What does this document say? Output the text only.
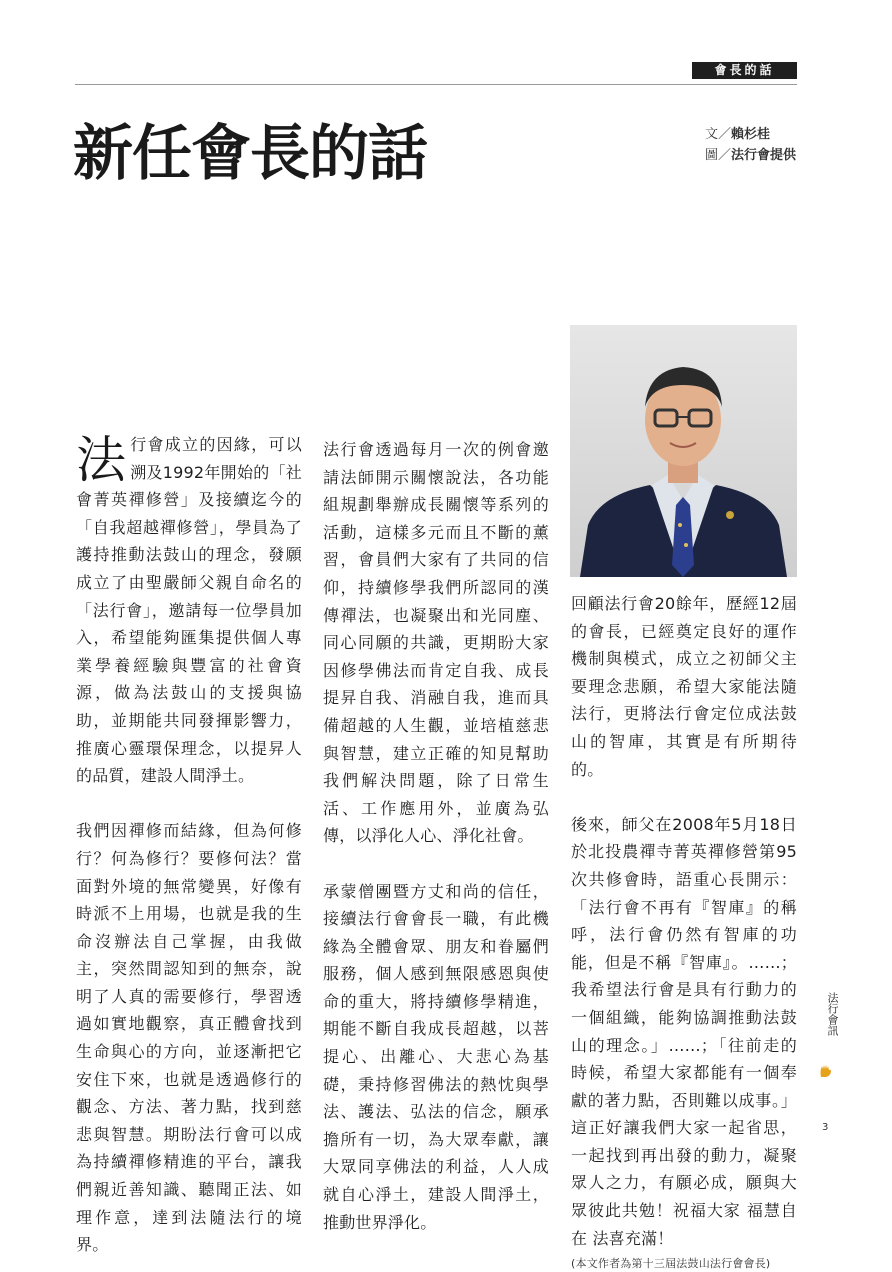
會長的話
新任會長的話	文／賴杉桂
圖／法行會提供

法行會成立的因緣，可以溯及1992年開始的「社會菁英禪修營」及接續迄今的「自我超越禪修營」，學員為了護持推動法鼓山的理念，發願成立了由聖嚴師父親自命名的「法行會」，邀請每一位學員加入，希望能夠匯集提供個人專業學養經驗與豐富的社會資源，做為法鼓山的支援與協助，並期能共同發揮影響力，推廣心靈環保理念，以提昇人的品質，建設人間淨土。

我們因禪修而結緣，但為何修行？何為修行？要修何法？當面對外境的無常變異，好像有時派不上用場，也就是我的生命沒辦法自己掌握，由我做主，突然間認知到的無奈，說明了人真的需要修行，學習透過如實地觀察，真正體會找到生命與心的方向，並逐漸把它安住下來，也就是透過修行的觀念、方法、著力點，找到慈悲與智慧。期盼法行會可以成為持續禪修精進的平台，讓我們親近善知識、聽聞正法、如理作意，達到法隨法行的境界。

法行會透過每月一次的例會邀請法師開示關懷說法，各功能組規劃舉辦成長關懷等系列的活動，這樣多元而且不斷的薰習，會員們大家有了共同的信仰，持續修學我們所認同的漢傳禪法，也凝聚出和光同塵、同心同願的共識，更期盼大家因修學佛法而肯定自我、成長提昇自我、消融自我，進而具備超越的人生觀，並培植慈悲與智慧，建立正確的知見幫助我們解決問題，除了日常生活、工作應用外，並廣為弘傳，以淨化人心、淨化社會。

承蒙僧團暨方丈和尚的信任，接續法行會會長一職，有此機緣為全體會眾、朋友和眷屬們服務，個人感到無限感恩與使命的重大，將持續修學精進，期能不斷自我成長超越，以菩提心、出離心、大悲心為基礎，秉持修習佛法的熱忱與學法、護法、弘法的信念，願承擔所有一切，為大眾奉獻，讓大眾同享佛法的利益，人人成就自心淨土，建設人間淨土，推動世界淨化。

回顧法行會20餘年，歷經12屆的會長，已經奠定良好的運作機制與模式，成立之初師父主要理念悲願，希望大家能法隨法行，更將法行會定位成法鼓山的智庫，其實是有所期待的。

後來，師父在2008年5月18日於北投農禪寺菁英禪修營第95次共修會時，語重心長開示：「法行會不再有『智庫』的稱呼，法行會仍然有智庫的功能，但是不稱『智庫』。……；我希望法行會是具有行動力的一個組織，能夠協調推動法鼓山的理念。」……；「往前走的時候，希望大家都能有一個奉獻的著力點，否則難以成事。」這正好讓我們大家一起省思，一起找到再出發的動力，凝聚眾人之力，有願必成，願與大眾彼此共勉！祝福大家 福慧自在 法喜充滿！

(本文作者為第十三屆法鼓山法行會會長)
法行會訊
3
